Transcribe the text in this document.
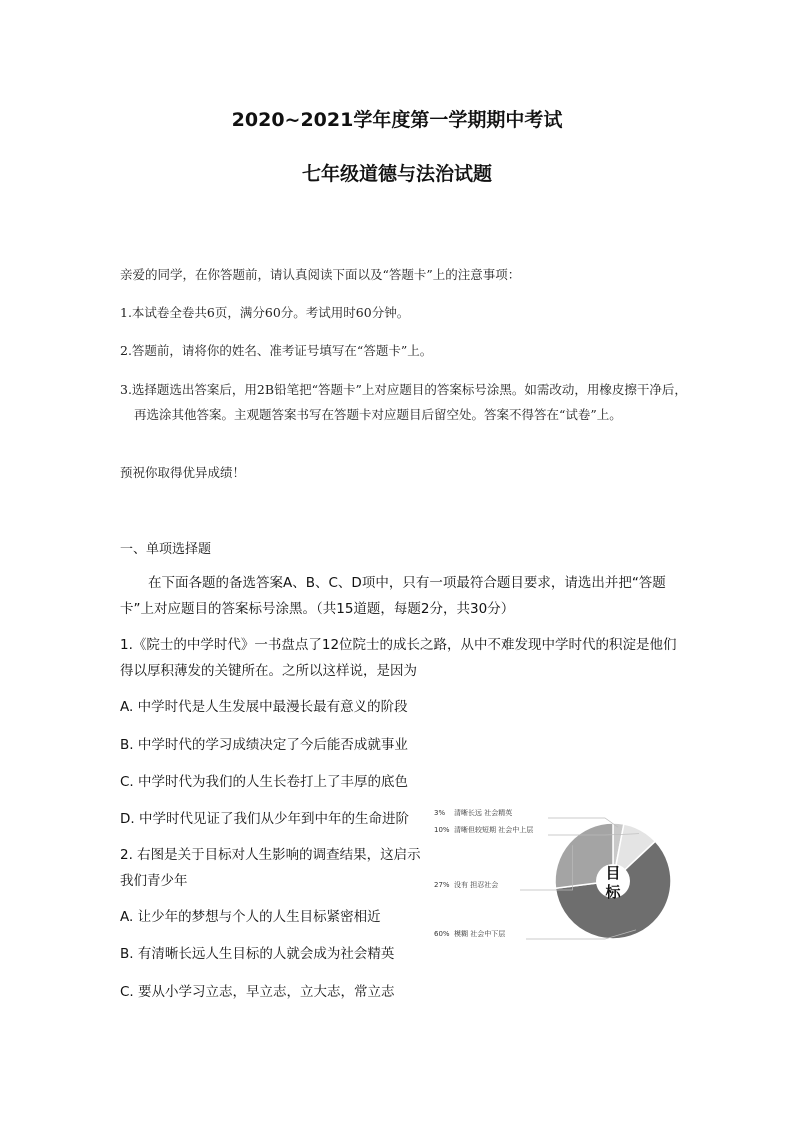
2020~2021学年度第一学期期中考试
七年级道德与法治试题
亲爱的同学，在你答题前，请认真阅读下面以及“答题卡”上的注意事项：
1.本试卷全卷共6页，满分60分。考试用时60分钟。
2.答题前，请将你的姓名、准考证号填写在“答题卡”上。
3.选择题选出答案后，用2B铅笔把“答题卡”上对应题目的答案标号涂黑。如需改动，用橡皮擦干净后，再选涂其他答案。主观题答案书写在答题卡对应题目后留空处。答案不得答在“试卷”上。
预祝你取得优异成绩！
一、单项选择题
在下面各题的备选答案A、B、C、D项中，只有一项最符合题目要求，请选出并把“答题卡”上对应题目的答案标号涂黑。（共15道题，每题2分，共30分）
1.《院士的中学时代》一书盘点了12位院士的成长之路，从中不难发现中学时代的积淀是他们得以厚积薄发的关键所在。之所以这样说，是因为
A. 中学时代是人生发展中最漫长最有意义的阶段
B. 中学时代的学习成绩决定了今后能否成就事业
C. 中学时代为我们的人生长卷打上了丰厚的底色
D. 中学时代见证了我们从少年到中年的生命进阶
2. 右图是关于目标对人生影响的调查结果，这启示我们青少年
A. 让少年的梦想与个人的人生目标紧密相近
B. 有清晰长远人生目标的人就会成为社会精英
C. 要从小学习立志，早立志，立大志，常立志
目
标
3% 清晰长远 社会精英
10% 清晰但较短期 社会中上层
27% 没有 担忍社会
60% 模糊 社会中下层
